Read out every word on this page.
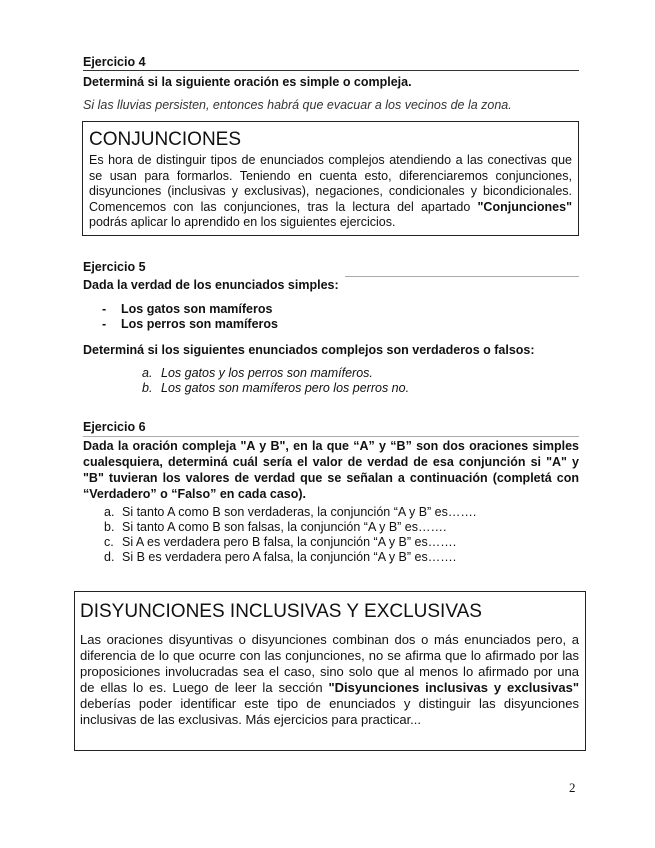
Ejercicio 4
Determiná si la siguiente oración es simple o compleja.
Si las lluvias persisten, entonces habrá que evacuar a los vecinos de la zona.
CONJUNCIONES
Es hora de distinguir tipos de enunciados complejos atendiendo a las conectivas que se usan para formarlos. Teniendo en cuenta esto, diferenciaremos conjunciones, disyunciones (inclusivas y exclusivas), negaciones, condicionales y bicondicionales. Comencemos con las conjunciones, tras la lectura del apartado "Conjunciones" podrás aplicar lo aprendido en los siguientes ejercicios.
Ejercicio 5
Dada la verdad de los enunciados simples:
- Los gatos son mamíferos
- Los perros son mamíferos
Determiná si los siguientes enunciados complejos son verdaderos o falsos:
a. Los gatos y los perros son mamíferos.
b. Los gatos son mamíferos pero los perros no.
Ejercicio 6
Dada la oración compleja "A y B", en la que “A” y “B” son dos oraciones simples cualesquiera, determiná cuál sería el valor de verdad de esa conjunción si "A" y "B" tuvieran los valores de verdad que se señalan a continuación (completá con “Verdadero” o “Falso” en cada caso).
a. Si tanto A como B son verdaderas, la conjunción “A y B” es…….
b. Si tanto A como B son falsas, la conjunción “A y B” es…….
c. Si A es verdadera pero B falsa, la conjunción “A y B” es…….
d. Si B es verdadera pero A falsa, la conjunción “A y B” es…….
DISYUNCIONES INCLUSIVAS Y EXCLUSIVAS
Las oraciones disyuntivas o disyunciones combinan dos o más enunciados pero, a diferencia de lo que ocurre con las conjunciones, no se afirma que lo afirmado por las proposiciones involucradas sea el caso, sino solo que al menos lo afirmado por una de ellas lo es. Luego de leer la sección "Disyunciones inclusivas y exclusivas" deberías poder identificar este tipo de enunciados y distinguir las disyunciones inclusivas de las exclusivas. Más ejercicios para practicar...
2
